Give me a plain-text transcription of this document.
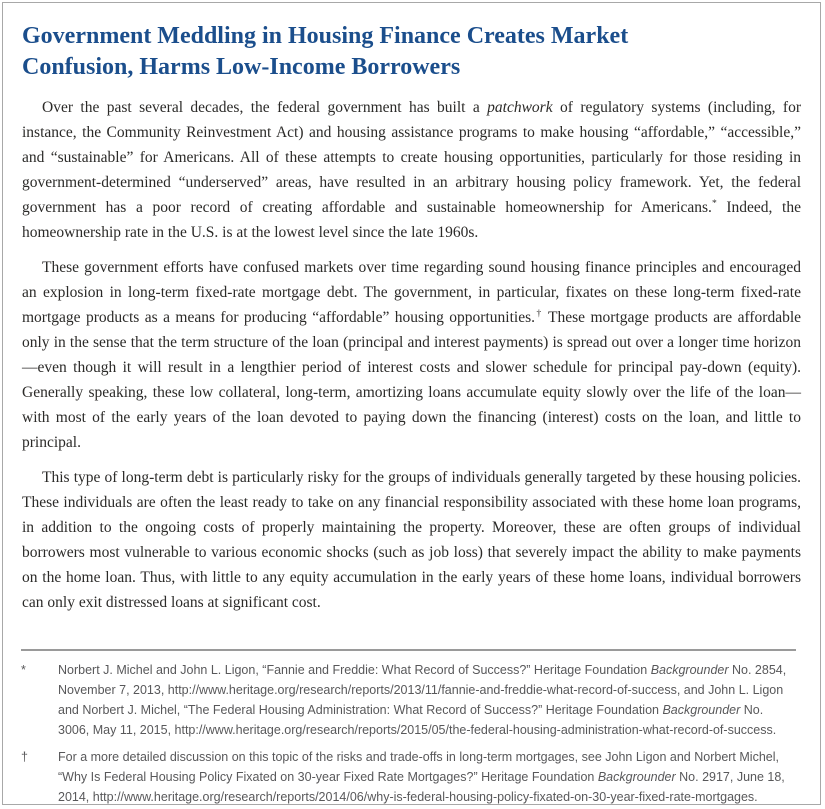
Government Meddling in Housing Finance Creates Market Confusion, Harms Low-Income Borrowers

Over the past several decades, the federal government has built a patchwork of regulatory systems (including, for instance, the Community Reinvestment Act) and housing assistance programs to make housing “affordable,” “accessible,” and “sustainable” for Americans. All of these attempts to create housing opportunities, particularly for those residing in government-determined “underserved” areas, have resulted in an arbitrary housing policy framework. Yet, the federal government has a poor record of creating affordable and sustainable homeownership for Americans.* Indeed, the homeownership rate in the U.S. is at the lowest level since the late 1960s.

These government efforts have confused markets over time regarding sound housing finance principles and encouraged an explosion in long-term fixed-rate mortgage debt. The government, in particular, fixates on these long-term fixed-rate mortgage products as a means for producing “affordable” housing opportunities.† These mortgage products are affordable only in the sense that the term structure of the loan (principal and interest payments) is spread out over a longer time horizon—even though it will result in a lengthier period of interest costs and slower schedule for principal pay-down (equity). Generally speaking, these low collateral, long-term, amortizing loans accumulate equity slowly over the life of the loan—with most of the early years of the loan devoted to paying down the financing (interest) costs on the loan, and little to principal.

This type of long-term debt is particularly risky for the groups of individuals generally targeted by these housing policies. These individuals are often the least ready to take on any financial responsibility associated with these home loan programs, in addition to the ongoing costs of properly maintaining the property. Moreover, these are often groups of individual borrowers most vulnerable to various economic shocks (such as job loss) that severely impact the ability to make payments on the home loan. Thus, with little to any equity accumulation in the early years of these home loans, individual borrowers can only exit distressed loans at significant cost.

*	Norbert J. Michel and John L. Ligon, “Fannie and Freddie: What Record of Success?” Heritage Foundation Backgrounder No. 2854, November 7, 2013, http://www.heritage.org/research/reports/2013/11/fannie-and-freddie-what-record-of-success, and John L. Ligon and Norbert J. Michel, “The Federal Housing Administration: What Record of Success?” Heritage Foundation Backgrounder No. 3006, May 11, 2015, http://www.heritage.org/research/reports/2015/05/the-federal-housing-administration-what-record-of-success.
†	For a more detailed discussion on this topic of the risks and trade-offs in long-term mortgages, see John Ligon and Norbert Michel, “Why Is Federal Housing Policy Fixated on 30-year Fixed Rate Mortgages?” Heritage Foundation Backgrounder No. 2917, June 18, 2014, http://www.heritage.org/research/reports/2014/06/why-is-federal-housing-policy-fixated-on-30-year-fixed-rate-mortgages.
